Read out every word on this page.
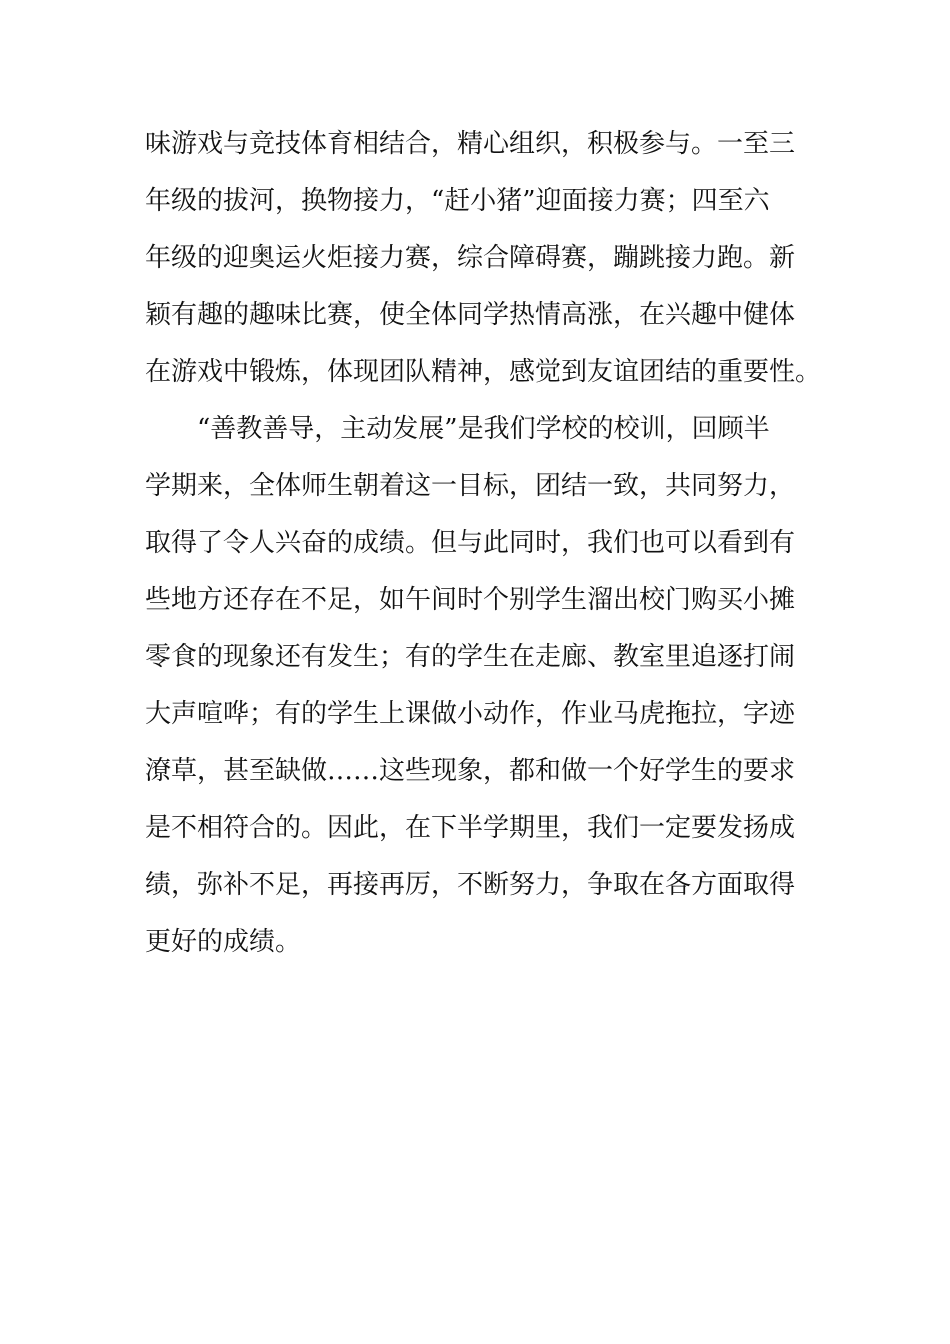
味游戏与竞技体育相结合，精心组织，积极参与。一至三
年级的拔河，换物接力，“赶小猪”迎面接力赛；四至六
年级的迎奥运火炬接力赛，综合障碍赛，蹦跳接力跑。新
颖有趣的趣味比赛，使全体同学热情高涨，在兴趣中健体
在游戏中锻炼，体现团队精神，感觉到友谊团结的重要性。
　　“善教善导，主动发展”是我们学校的校训，回顾半
学期来，全体师生朝着这一目标，团结一致，共同努力，
取得了令人兴奋的成绩。但与此同时，我们也可以看到有
些地方还存在不足，如午间时个别学生溜出校门购买小摊
零食的现象还有发生；有的学生在走廊、教室里追逐打闹
大声喧哗；有的学生上课做小动作，作业马虎拖拉，字迹
潦草，甚至缺做……这些现象，都和做一个好学生的要求
是不相符合的。因此，在下半学期里，我们一定要发扬成
绩，弥补不足，再接再厉，不断努力，争取在各方面取得
更好的成绩。
